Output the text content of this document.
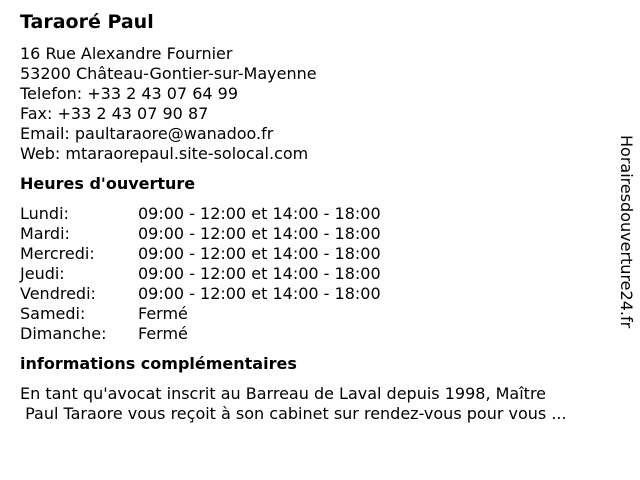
Taraoré Paul
16 Rue Alexandre Fournier
53200 Château-Gontier-sur-Mayenne
Telefon: +33 2 43 07 64 99
Fax: +33 2 43 07 90 87
Email: paultaraore@wanadoo.fr
Web: mtaraorepaul.site-solocal.com
Heures d'ouverture
Lundi:	09:00 - 12:00 et 14:00 - 18:00
Mardi:	09:00 - 12:00 et 14:00 - 18:00
Mercredi:	09:00 - 12:00 et 14:00 - 18:00
Jeudi:	09:00 - 12:00 et 14:00 - 18:00
Vendredi:	09:00 - 12:00 et 14:00 - 18:00
Samedi:	Fermé
Dimanche:	Fermé
informations complémentaires
En tant qu'avocat inscrit au Barreau de Laval depuis 1998, Maître
Paul Taraore vous reçoit à son cabinet sur rendez-vous pour vous ...
Horairesdouverture24.fr
